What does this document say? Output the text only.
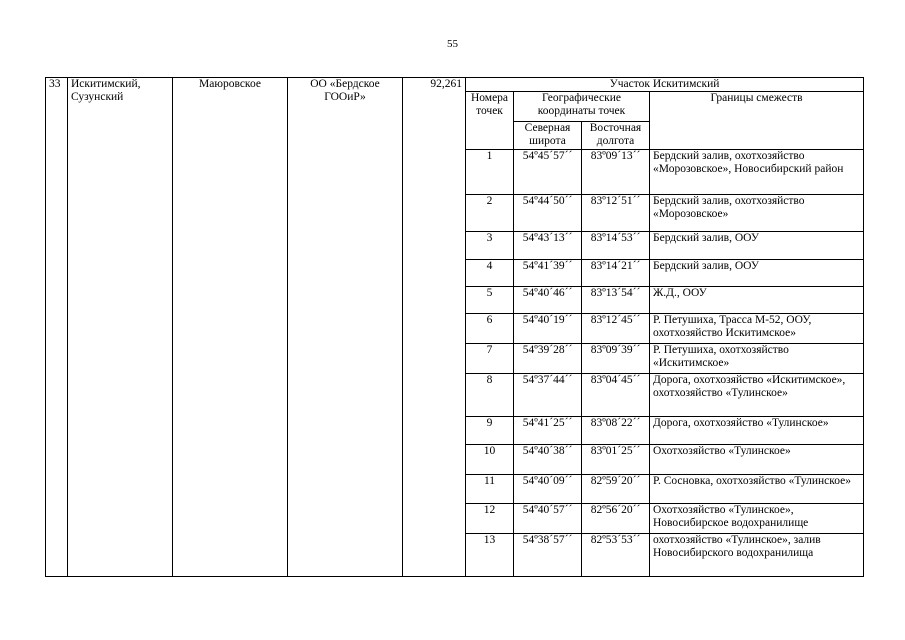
55
33	Искитимский, Сузунский	Маюровское	ОО «Бердское ГООиР»	92,261	Участок Искитимский			
					Номера точек	Географические координаты точек		Границы смежеств
						Северная широта	Восточная долгота	
					1	54º45´57´´	83º09´13´´	Бердский залив, охотхозяйство «Морозовское», Новосибирский район
					2	54º44´50´´	83º12´51´´	Бердский залив, охотхозяйство «Морозовское»
					3	54º43´13´´	83º14´53´´	Бердский залив, ООУ
					4	54º41´39´´	83º14´21´´	Бердский залив, ООУ
					5	54º40´46´´	83º13´54´´	Ж.Д., ООУ
					6	54º40´19´´	83º12´45´´	Р. Петушиха, Трасса М-52, ООУ, охотхозяйство Искитимское»
					7	54º39´28´´	83º09´39´´	Р. Петушиха, охотхозяйство «Искитимское»
					8	54º37´44´´	83º04´45´´	Дорога, охотхозяйство «Искитимское», охотхозяйство «Тулинское»
					9	54º41´25´´	83º08´22´´	Дорога, охотхозяйство «Тулинское»
					10	54º40´38´´	83º01´25´´	Охотхозяйство «Тулинское»
					11	54º40´09´´	82º59´20´´	Р. Сосновка, охотхозяйство «Тулинское»
					12	54º40´57´´	82º56´20´´	Охотхозяйство «Тулинское», Новосибирское водохранилище
					13	54º38´57´´	82º53´53´´	охотхозяйство «Тулинское», залив Новосибирского водохранилища
